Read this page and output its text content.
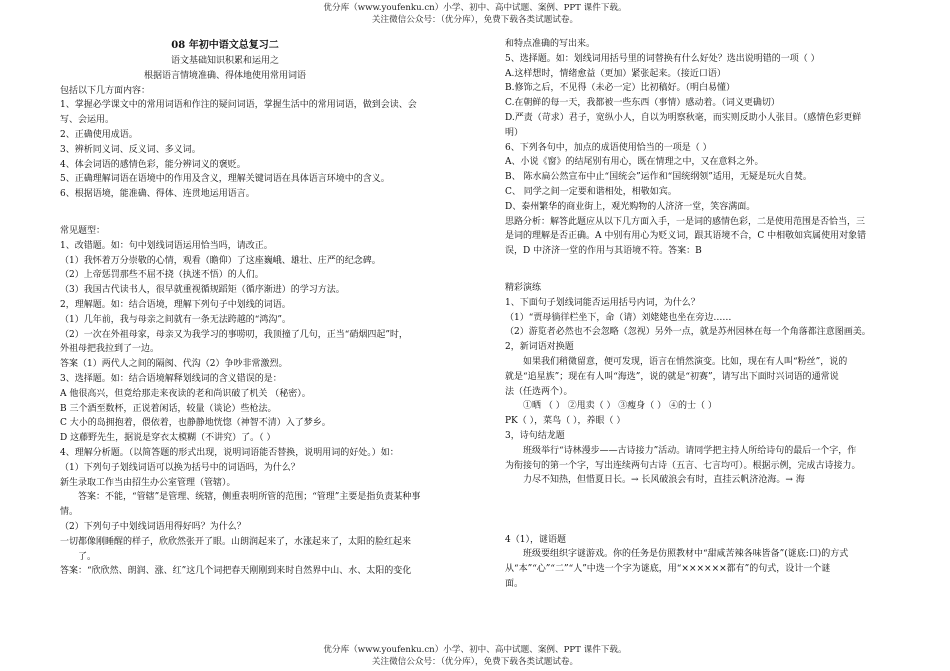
优分库（www.youfenku.cn）小学、初中、高中试题、案例、PPT 课件下载。
关注微信公众号：（优分库），免费下载各类试题试卷。
08 年初中语文总复习二
语文基础知识积累和运用之
根据语言情境准确、得体地使用常用词语
包括以下几方面内容：
1、掌握必学课文中的常用词语和作注的疑问词语，掌握生活中的常用词语，做到会读、会
写、会运用。
2、正确使用成语。
3、辨析同义词、反义词、多义词。
4、体会词语的感情色彩，能分辨词义的褒贬。
5、正确理解词语在语境中的作用及含义，理解关键词语在具体语言环境中的含义。
6、根据语境，能准确、得体、连贯地运用语言。
常见题型：
1、改错题。如：句中划线词语运用恰当吗，请改正。
（1）我怀着万分崇敬的心情，观看（瞻仰）了这座巍峨、雄壮、庄严的纪念碑。
（2）上帝惩罚那些不屈不挠（执迷不悟）的人们。
（3）我国古代读书人，很早就重视循规蹈矩（循序渐进）的学习方法。
2，理解题。如：结合语境，理解下列句子中划线的词语。
（1）几年前，我与母亲之间就有一条无法跨越的“鸿沟”。
（2）一次在外祖母家，母亲又为我学习的事唠叨，我顶撞了几句，正当“硝烟四起”时，
外祖母把我拉到了一边。
答案（1）两代人之间的隔阂、代沟（2）争吵非常激烈。
3、选择题。如：结合语境解释划线词的含义错误的是：
A 他很高兴，但竟给那走来夜读的老和尚识破了机关 （秘密）。
B 三个酒至数杯，正说着闲话，较量（谈论）些枪法。
C 大小的岛拥抱着，偎依着，也静静地恍惚（神智不清）入了梦乡。
D 这藤野先生，据说是穿衣太模糊（不讲究）了。（ ）
4、理解分析题。（以简答题的形式出现，说明词语能否替换，说明用词的好处。）如：
（1）下列句子划线词语可以换为括号中的词语吗，为什么？
新生录取工作当由招生办公室管理（管辖）。
答案：不能，“管辖”是管理、统辖，侧重表明所管的范围；“管理”主要是指负责某种事
情。
（2）下列句子中划线词语用得好吗？为什么？
一切都像刚睡醒的样子，欣欣然张开了眼。山朗润起来了，水涨起来了，太阳的脸红起来
了。
答案：“欣欣然、朗润、涨、红”这几个词把春天刚刚到来时自然界中山、水、太阳的变化
和特点准确的写出来。
5、选择题。如：划线词用括号里的词替换有什么好处？选出说明错的一项（ ）
A.这样想时，情绪愈益（更加）紧张起来。（接近口语）
B.修饰之后，不见得（未必一定）比初稿好。（明白易懂）
C.在朝鲜的每一天，我都被一些东西（事情）感动着。（词义更确切）
D.严责（苛求）君子，宽纵小人，自以为明察秋毫，而实则反助小人张目。（感情色彩更鲜
明）
6、下列各句中，加点的成语使用恰当的一项是（ ）
A、小说《窗》的结尾别有用心，既在情理之中，又在意料之外。
B、 陈水扁公然宣布中止“国统会”运作和“国统纲领”适用，无疑是玩火自焚。
C、 同学之间一定要和谐相处，相敬如宾。
D、泰州繁华的商业街上，观光购物的人济济一堂，笑容满面。
思路分析：解答此题应从以下几方面入手，一是词的感情色彩，二是使用范围是否恰当，三
是词的理解是否正确。A 中别有用心为贬义词，跟其语境不合，C 中相敬如宾属使用对象错
误，D 中济济一堂的作用与其语境不符。答案：B
精彩演练
1、下面句子划线词能否运用括号内词，为什么？
（1）“贾母徜徉栏坐下，命（请）刘姥姥也坐在旁边……
（2）游览者必然也不会忽略（忽视）另外一点，就是苏州园林在每一个角落都注意图画美。
2，新词语对换题
如果我们稍微留意，便可发现，语言在悄然演变。比如，现在有人叫“粉丝”，说的
就是“追星族”；现在有人叫“海选”，说的就是“初赛”，请写出下面时兴词语的通常说
法（任选两个）。
①晒 （ ） ②甩卖（ ） ③瘦身（ ） ④的士（ ）
PK（ ），菜鸟（ ），养眼（ ）
3，诗句结龙题
班级举行“诗林漫步——古诗接力”活动。请同学把主持人所给诗句的最后一个字，作
为衔接句的第一个字，写出连续两句古诗（五言、七言均可）。根据示例，完成古诗接力。
力尽不知热，但惜夏日长。→ 长风破浪会有时，直挂云帆济沧海。→ 海
4（1），谜语题
班级要组织字谜游戏。你的任务是仿照教材中“甜咸苦辣各味皆备”(谜底:口)的方式
从“本”“心”“二”“人”中选一个字为谜底，用“××××××都有”的句式，设计一个谜
面。
优分库（www.youfenku.cn）小学、初中、高中试题、案例、PPT 课件下载。
关注微信公众号：（优分库），免费下载各类试题试卷。
